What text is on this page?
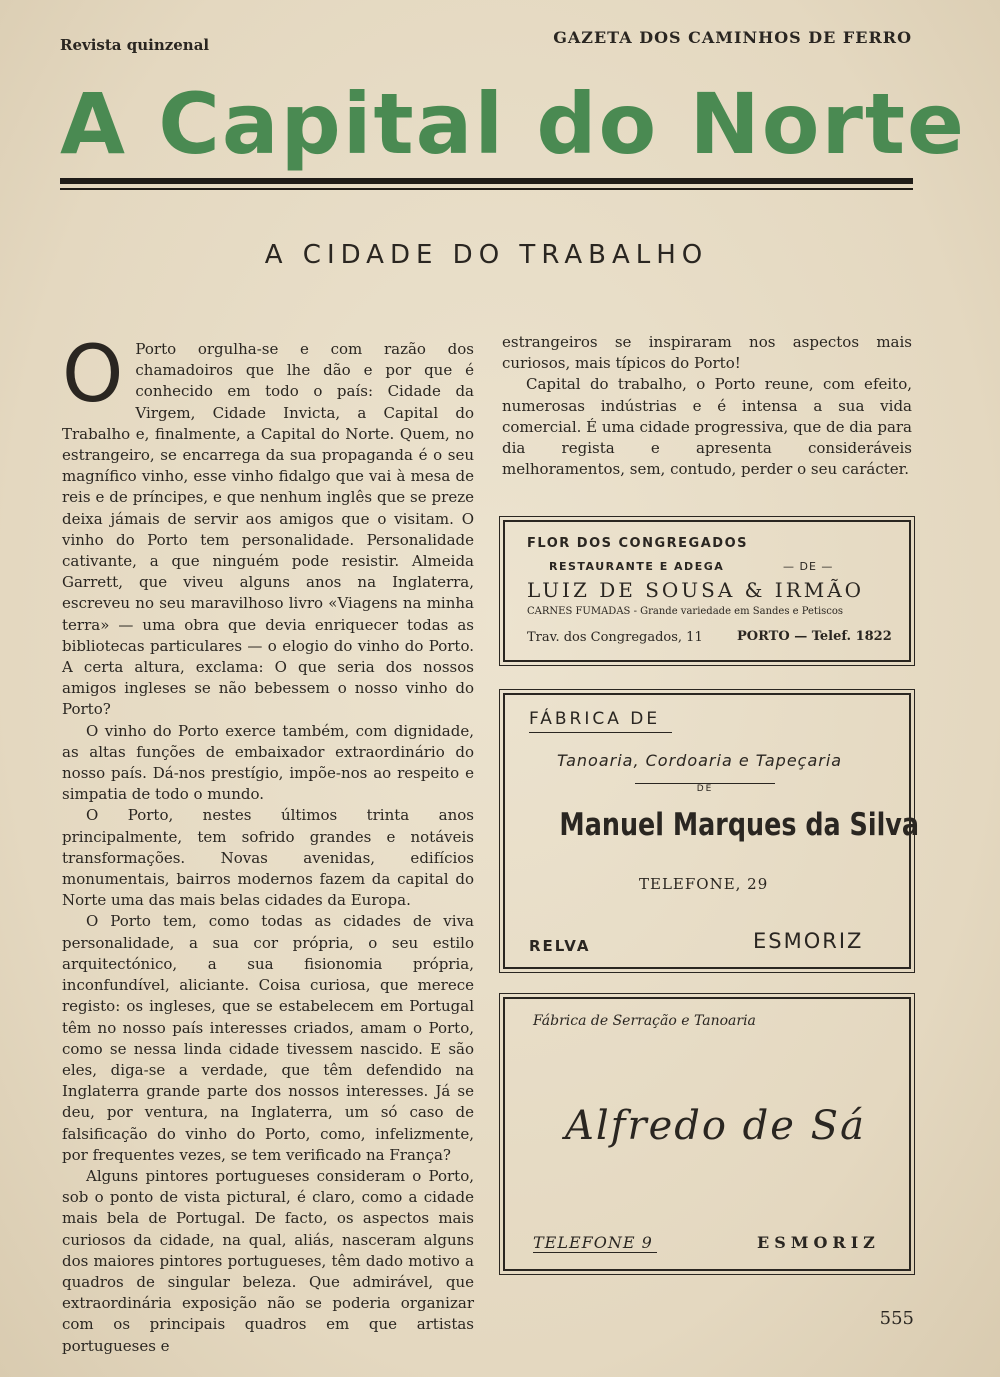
Revista quinzenal	GAZETA DOS CAMINHOS DE FERRO
A Capital do Norte
A CIDADE DO TRABALHO

O Porto orgulha-se e com razão dos chamadoiros que lhe dão e por que é conhecido em todo o país: Cidade da Virgem, Cidade Invicta, a Capital do Trabalho e, finalmente, a Capital do Norte. Quem, no estrangeiro, se encarrega da sua propaganda é o seu magnífico vinho, esse vinho fidalgo que vai à mesa de reis e de príncipes, e que nenhum inglês que se preze deixa jámais de servir aos amigos que o visitam. O vinho do Porto tem personalidade. Personalidade cativante, a que ninguém pode resistir. Almeida Garrett, que viveu alguns anos na Inglaterra, escreveu no seu maravilhoso livro «Viagens na minha terra» — uma obra que devia enriquecer todas as bibliotecas particulares — o elogio do vinho do Porto. A certa altura, exclama: O que seria dos nossos amigos ingleses se não bebessem o nosso vinho do Porto?

O vinho do Porto exerce também, com dignidade, as altas funções de embaixador extraordinário do nosso país. Dá-nos prestígio, impõe-nos ao respeito e simpatia de todo o mundo.

O Porto, nestes últimos trinta anos principalmente, tem sofrido grandes e notáveis transformações. Novas avenidas, edifícios monumentais, bairros modernos fazem da capital do Norte uma das mais belas cidades da Europa.

O Porto tem, como todas as cidades de viva personalidade, a sua cor própria, o seu estilo arquitectónico, a sua fisionomia própria, inconfundível, aliciante. Coisa curiosa, que merece registo: os ingleses, que se estabelecem em Portugal têm no nosso país interesses criados, amam o Porto, como se nessa linda cidade tivessem nascido. E são eles, diga-se a verdade, que têm defendido na Inglaterra grande parte dos nossos interesses. Já se deu, por ventura, na Inglaterra, um só caso de falsificação do vinho do Porto, como, infelizmente, por frequentes vezes, se tem verificado na França?

Alguns pintores portugueses consideram o Porto, sob o ponto de vista pictural, é claro, como a cidade mais bela de Portugal. De facto, os aspectos mais curiosos da cidade, na qual, aliás, nasceram alguns dos maiores pintores portugueses, têm dado motivo a quadros de singular beleza. Que admirável, que extraordinária exposição não se poderia organizar com os principais quadros em que artistas portugueses e

estrangeiros se inspiraram nos aspectos mais curiosos, mais típicos do Porto!

Capital do trabalho, o Porto reune, com efeito, numerosas indústrias e é intensa a sua vida comercial. É uma cidade progressiva, que de dia para dia regista e apresenta consideráveis melhoramentos, sem, contudo, perder o seu carácter.

FLOR DOS CONGREGADOS
RESTAURANTE E ADEGA	— DE —
LUIZ DE SOUSA & IRMÃO
CARNES FUMADAS - Grande variedade em Sandes e Petiscos
Trav. dos Congregados, 11	PORTO — Telef. 1822
FÁBRICA DE
Tanoaria, Cordoaria e Tapeçaria
DE
Manuel Marques da Silva
TELEFONE, 29
RELVA	ESMORIZ
Fábrica de Serração e Tanoaria
Alfredo de Sá
TELEFONE 9	ESMORIZ
555
